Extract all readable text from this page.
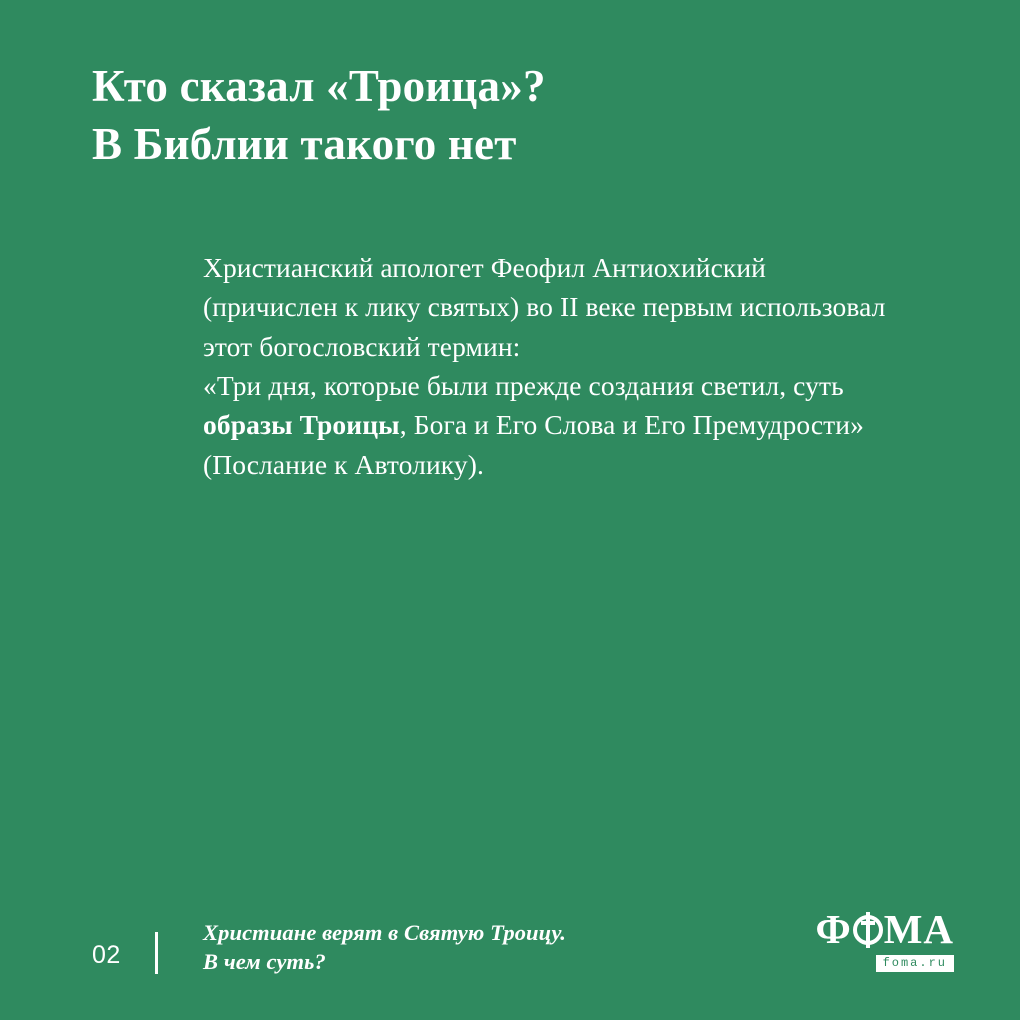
Кто сказал «Троица»?
В Библии такого нет

Христианский апологет Феофил Антиохийский (причислен к лику святых) во II веке первым использовал этот богословский термин:

«Три дня, которые были прежде создания светил, суть образы Троицы, Бога и Его Слова и Его Премудрости»

(Послание к Автолику).

02
Христиане верят в Святую Троицу.
В чем суть?
Ф МА
foma.ru
